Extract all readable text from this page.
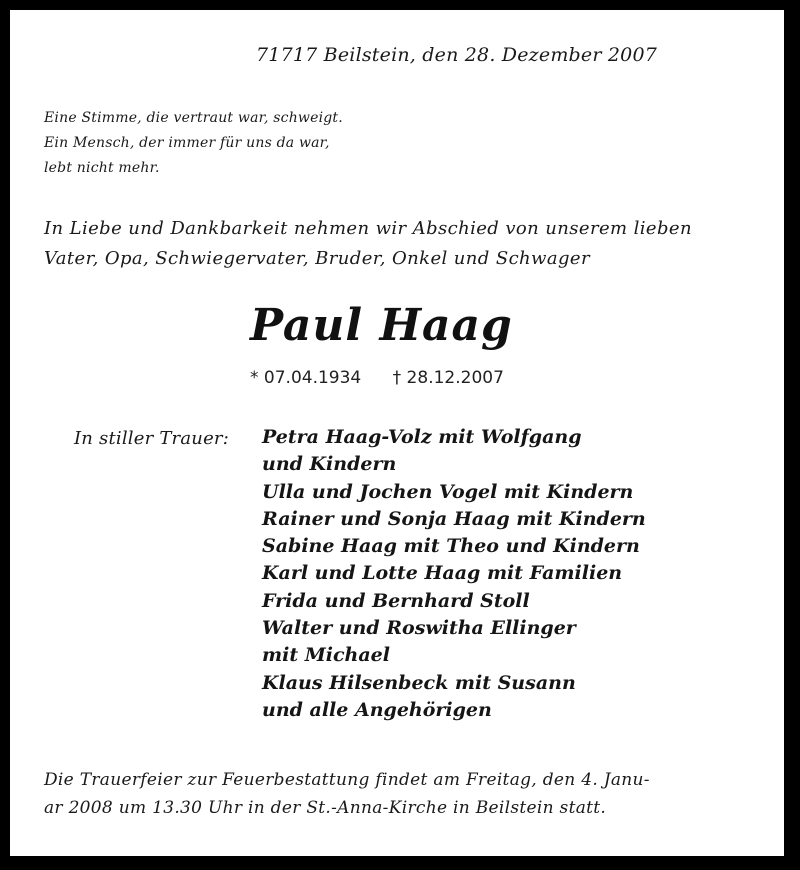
71717 Beilstein, den 28. Dezember 2007
Eine Stimme, die vertraut war, schweigt.
Ein Mensch, der immer für uns da war,
lebt nicht mehr.
In Liebe und Dankbarkeit nehmen wir Abschied von unserem lieben
Vater, Opa, Schwiegervater, Bruder, Onkel und Schwager
Paul Haag
* 07.04.1934 † 28.12.2007
In stiller Trauer: Petra Haag-Volz mit Wolfgang
und Kindern
Ulla und Jochen Vogel mit Kindern
Rainer und Sonja Haag mit Kindern
Sabine Haag mit Theo und Kindern
Karl und Lotte Haag mit Familien
Frida und Bernhard Stoll
Walter und Roswitha Ellinger
mit Michael
Klaus Hilsenbeck mit Susann
und alle Angehörigen
Die Trauerfeier zur Feuerbestattung findet am Freitag, den 4. Janu-
ar 2008 um 13.30 Uhr in der St.-Anna-Kirche in Beilstein statt.
